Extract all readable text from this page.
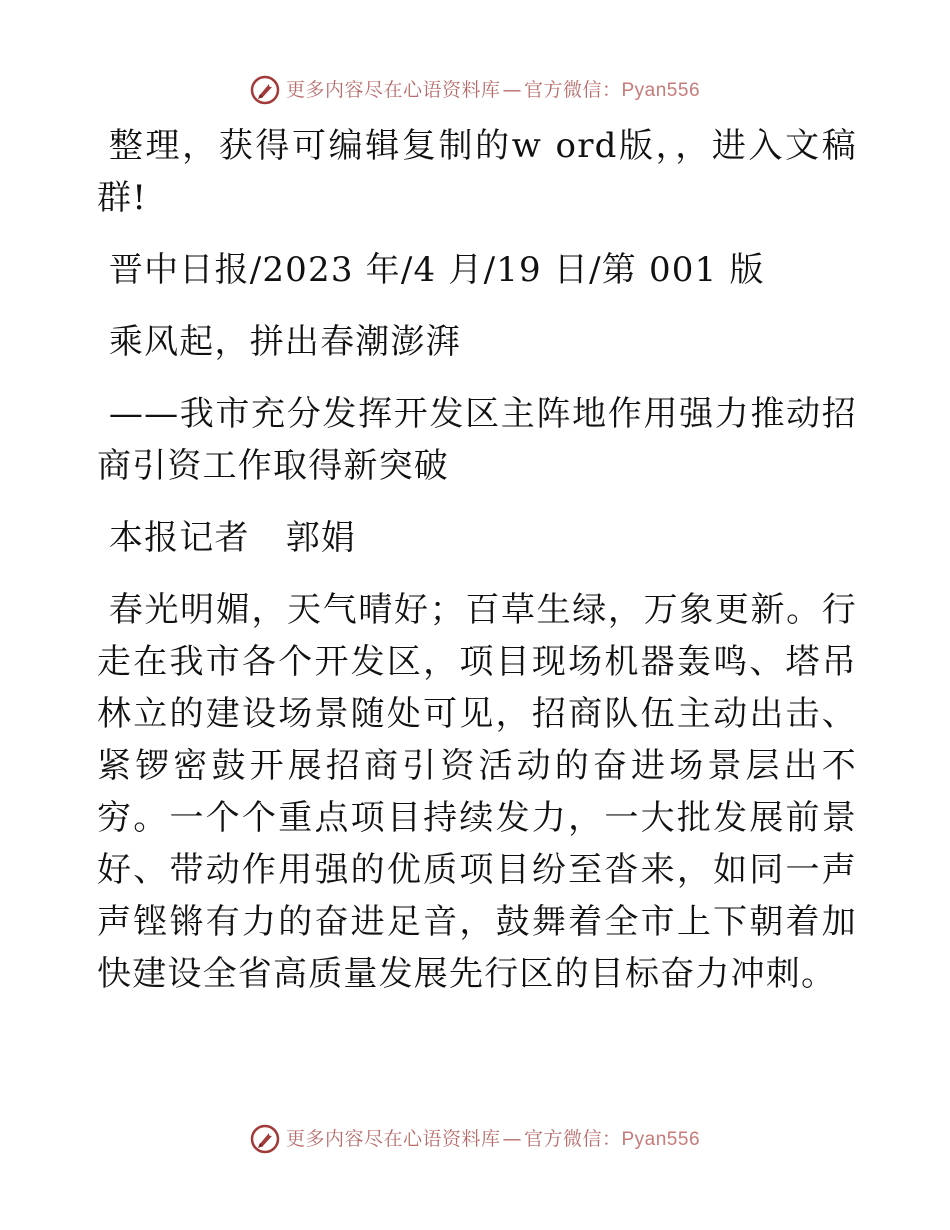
更多内容尽在心语资料库 — 官方微信： Pyan556

整理，获得可编辑复制的w ord版，，进入文稿群!

晋中日报/2023 年/4 月/19 日/第 001 版

乘风起，拼出春潮澎湃

——我市充分发挥开发区主阵地作用强力推动招商引资工作取得新突破

本报记者   郭娟

春光明媚，天气晴好；百草生绿，万象更新。行走在我市各个开发区，项目现场机器轰鸣、塔吊林立的建设场景随处可见，招商队伍主动出击、紧锣密鼓开展招商引资活动的奋进场景层出不穷。一个个重点项目持续发力，一大批发展前景好、带动作用强的优质项目纷至沓来，如同一声声铿锵有力的奋进足音，鼓舞着全市上下朝着加快建设全省高质量发展先行区的目标奋力冲刺。

更多内容尽在心语资料库 — 官方微信： Pyan556
